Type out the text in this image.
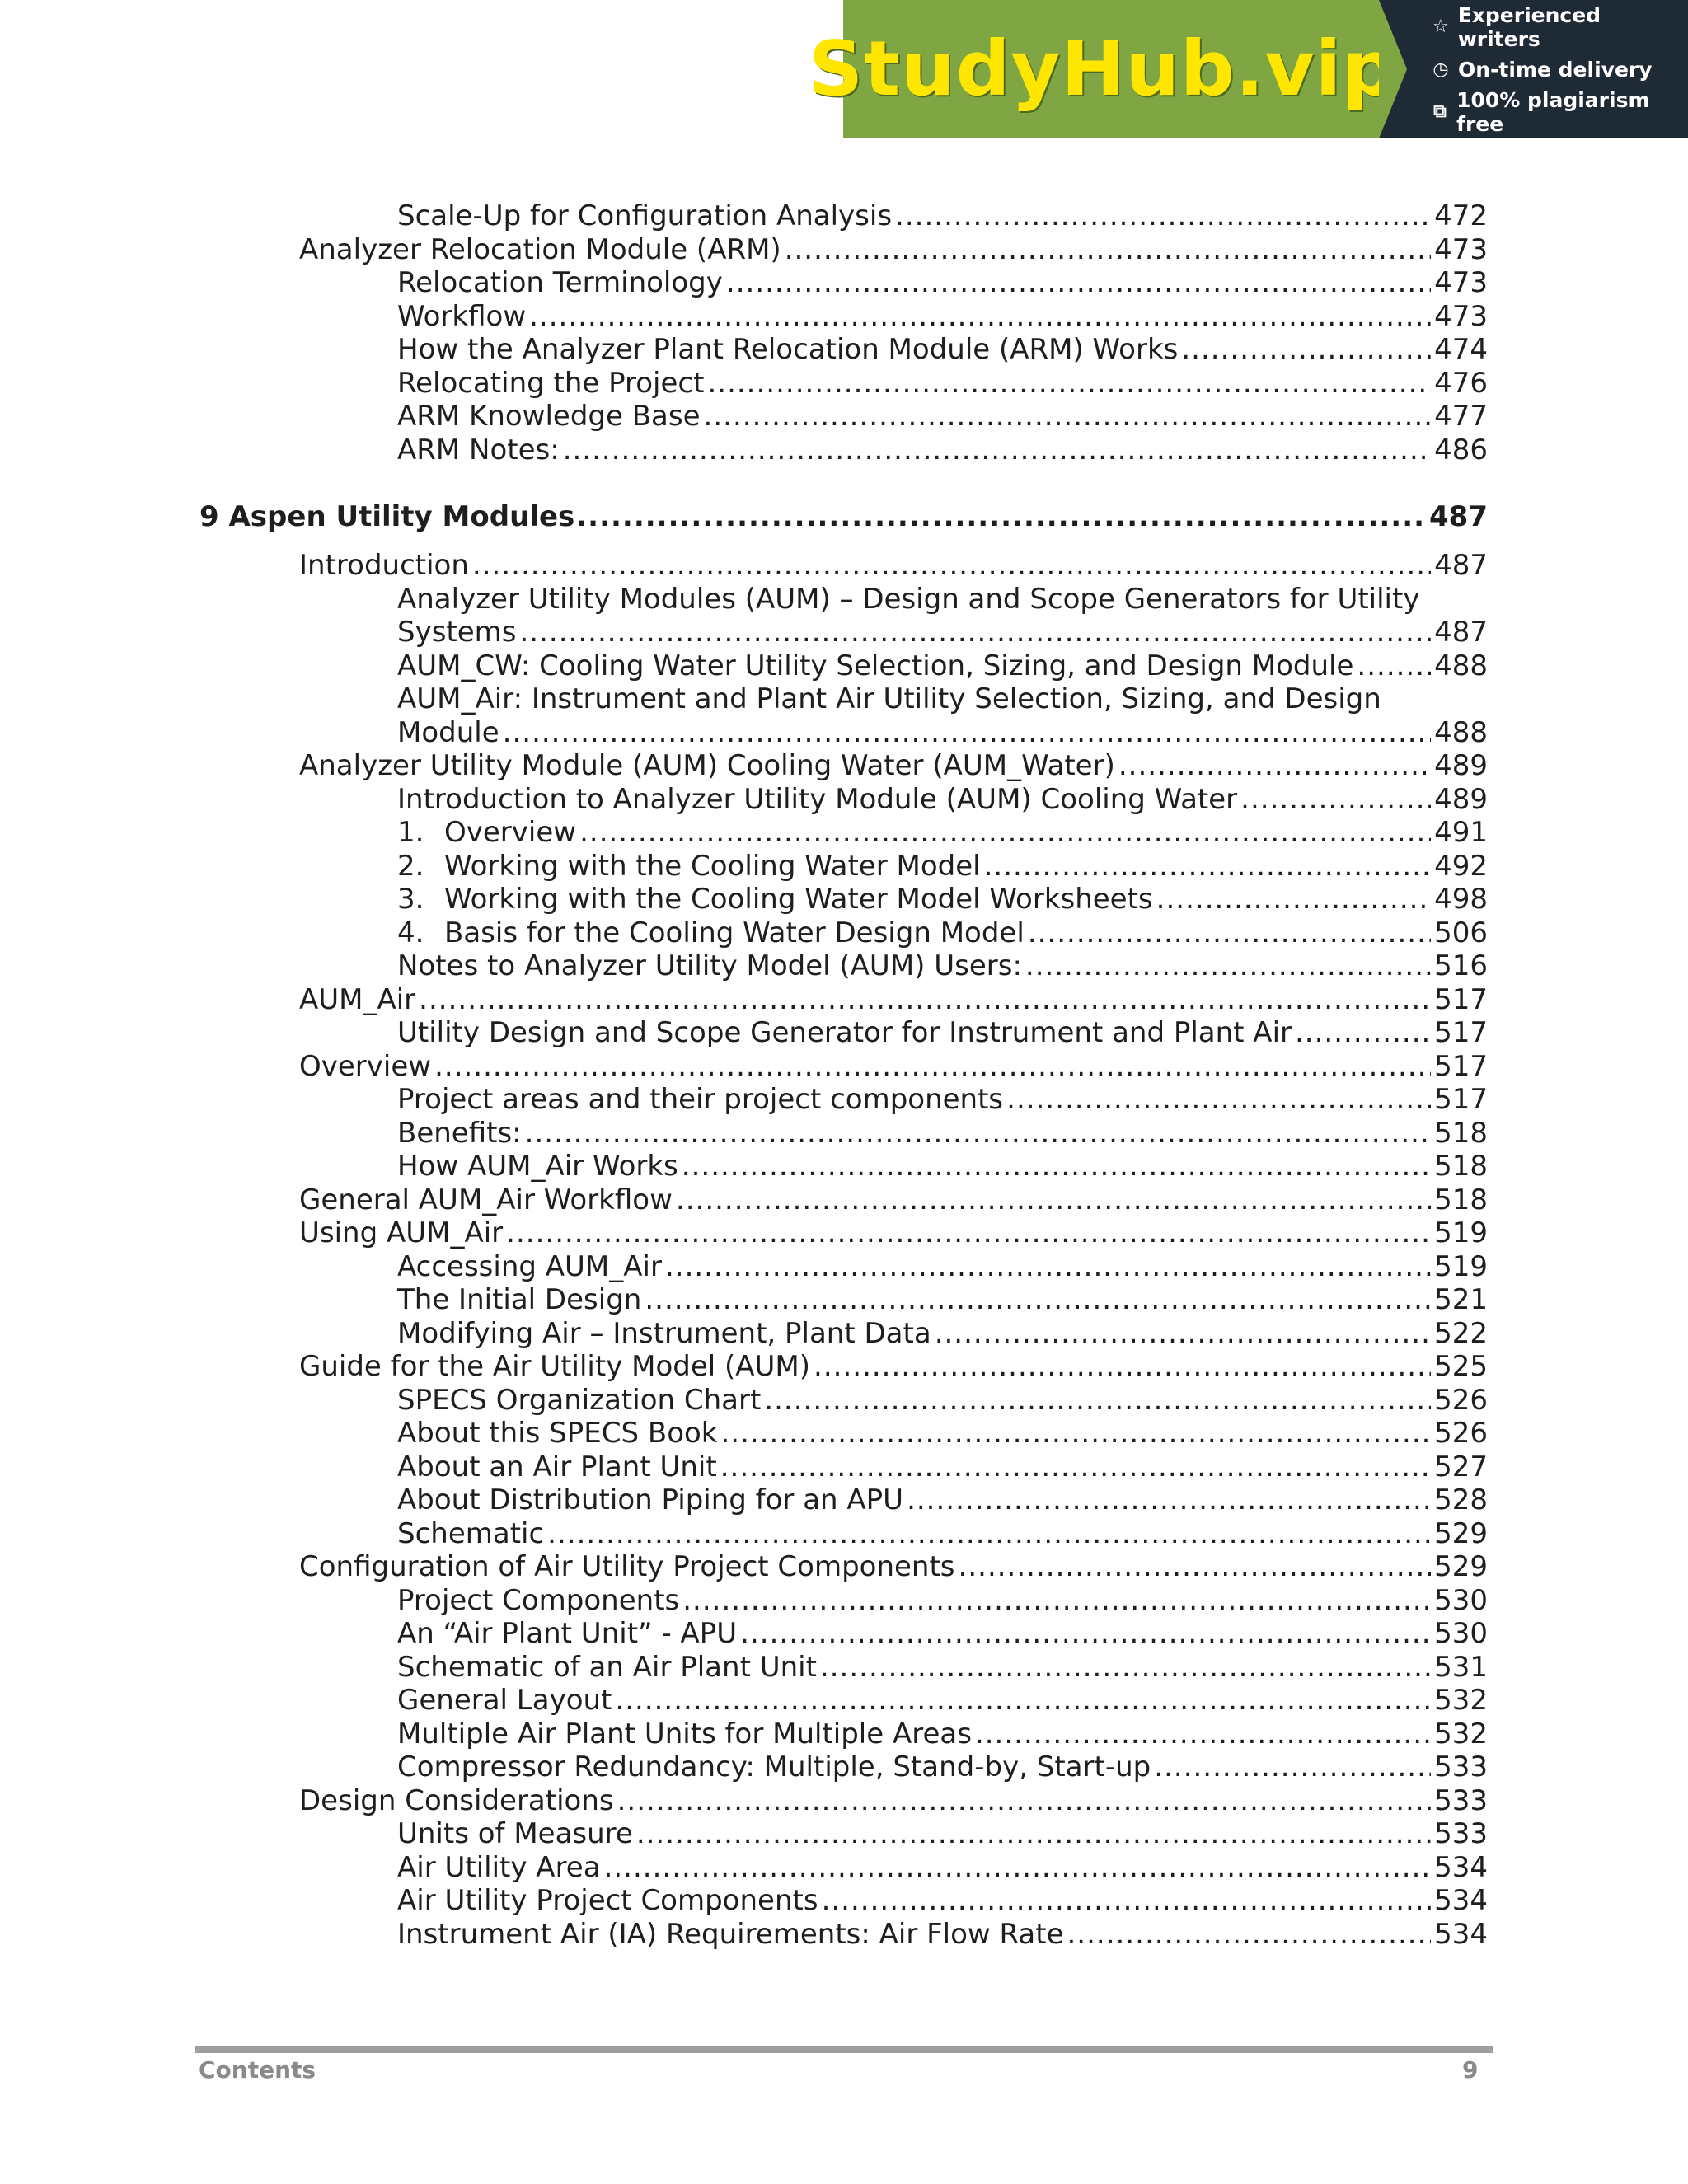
StudyHub.vip ☆ Experienced writers
◷ On-time delivery
⧉ 100% plagiarism free
Scale-Up for Configuration Analysis .....	472
Analyzer Relocation Module (ARM) .....	473
Relocation Terminology .....	473
Workflow .....	473
How the Analyzer Plant Relocation Module (ARM) Works .....	474
Relocating the Project .....	476
ARM Knowledge Base .....	477
ARM Notes: .....	486
9 Aspen Utility Modules .....	487
Introduction .....	487
Analyzer Utility Modules (AUM) – Design and Scope Generators for Utility
Systems .....	487
AUM_CW: Cooling Water Utility Selection, Sizing, and Design Module .....	488
AUM_Air: Instrument and Plant Air Utility Selection, Sizing, and Design
Module .....	488
Analyzer Utility Module (AUM) Cooling Water (AUM_Water) .....	489
Introduction to Analyzer Utility Module (AUM) Cooling Water .....	489
1. Overview .....	491
2. Working with the Cooling Water Model .....	492
3. Working with the Cooling Water Model Worksheets .....	498
4. Basis for the Cooling Water Design Model .....	506
Notes to Analyzer Utility Model (AUM) Users: .....	516
AUM_Air .....	517
Utility Design and Scope Generator for Instrument and Plant Air .....	517
Overview .....	517
Project areas and their project components .....	517
Benefits: .....	518
How AUM_Air Works .....	518
General AUM_Air Workflow .....	518
Using AUM_Air .....	519
Accessing AUM_Air .....	519
The Initial Design .....	521
Modifying Air – Instrument, Plant Data .....	522
Guide for the Air Utility Model (AUM) .....	525
SPECS Organization Chart .....	526
About this SPECS Book .....	526
About an Air Plant Unit .....	527
About Distribution Piping for an APU .....	528
Schematic .....	529
Configuration of Air Utility Project Components .....	529
Project Components .....	530
An “Air Plant Unit” - APU .....	530
Schematic of an Air Plant Unit .....	531
General Layout .....	532
Multiple Air Plant Units for Multiple Areas .....	532
Compressor Redundancy: Multiple, Stand-by, Start-up .....	533
Design Considerations .....	533
Units of Measure .....	533
Air Utility Area .....	534
Air Utility Project Components .....	534
Instrument Air (IA) Requirements: Air Flow Rate .....	534
Contents	9
